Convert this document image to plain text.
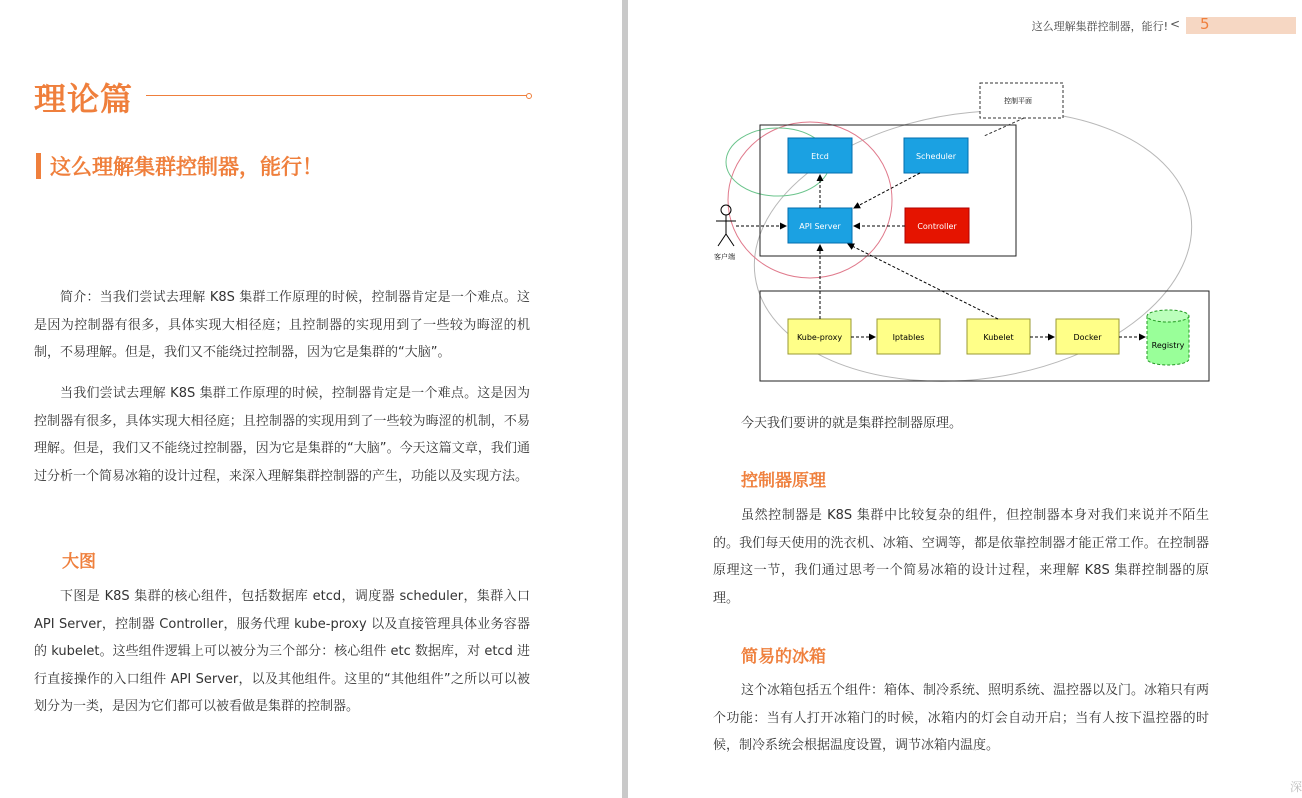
理论篇
这么理解集群控制器，能行！

简介：当我们尝试去理解 K8S 集群工作原理的时候，控制器肯定是一个难点。这是因为控制器有很多，具体实现大相径庭；且控制器的实现用到了一些较为晦涩的机制，不易理解。但是，我们又不能绕过控制器，因为它是集群的“大脑”。

当我们尝试去理解 K8S 集群工作原理的时候，控制器肯定是一个难点。这是因为控制器有很多，具体实现大相径庭；且控制器的实现用到了一些较为晦涩的机制，不易理解。但是，我们又不能绕过控制器，因为它是集群的“大脑”。今天这篇文章，我们通过分析一个简易冰箱的设计过程，来深入理解集群控制器的产生，功能以及实现方法。

大图

下图是 K8S 集群的核心组件，包括数据库 etcd，调度器 scheduler，集群入口 API Server，控制器 Controller，服务代理 kube-proxy 以及直接管理具体业务容器的 kubelet。这些组件逻辑上可以被分为三个部分：核心组件 etc 数据库，对 etcd 进行直接操作的入口组件 API Server，以及其他组件。这里的“其他组件”之所以可以被划分为一类，是因为它们都可以被看做是集群的控制器。

这么理解集群控制器，能行! < 5
控制平面
客户端
Etcd	Scheduler
API Server	Controller
Kube-proxy	Iptables	Kubelet	Docker
Registry

今天我们要讲的就是集群控制器原理。

控制器原理

虽然控制器是 K8S 集群中比较复杂的组件，但控制器本身对我们来说并不陌生的。我们每天使用的洗衣机、冰箱、空调等，都是依靠控制器才能正常工作。在控制器原理这一节，我们通过思考一个简易冰箱的设计过程，来理解 K8S 集群控制器的原理。

简易的冰箱

这个冰箱包括五个组件：箱体、制冷系统、照明系统、温控器以及门。冰箱只有两个功能：当有人打开冰箱门的时候，冰箱内的灯会自动开启；当有人按下温控器的时候，制冷系统会根据温度设置，调节冰箱内温度。

深
